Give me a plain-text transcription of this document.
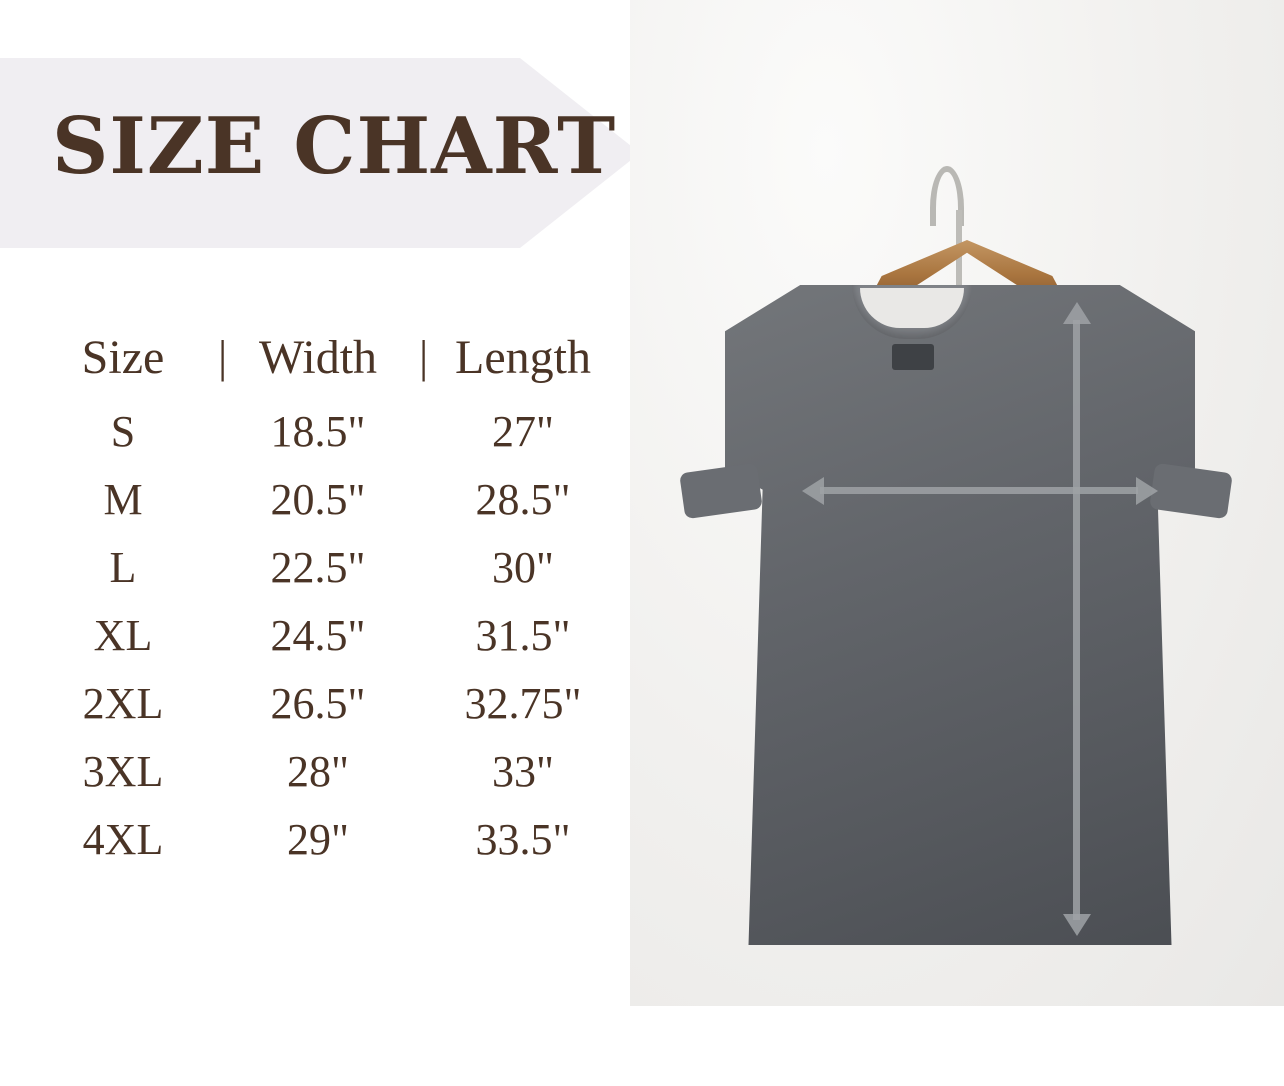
SIZE CHART
Size	Width	Length
S	18.5"	27"
M	20.5"	28.5"
L	22.5"	30"
XL	24.5"	31.5"
2XL	26.5"	32.75"
3XL	28"	33"
4XL	29"	33.5"
|	|
